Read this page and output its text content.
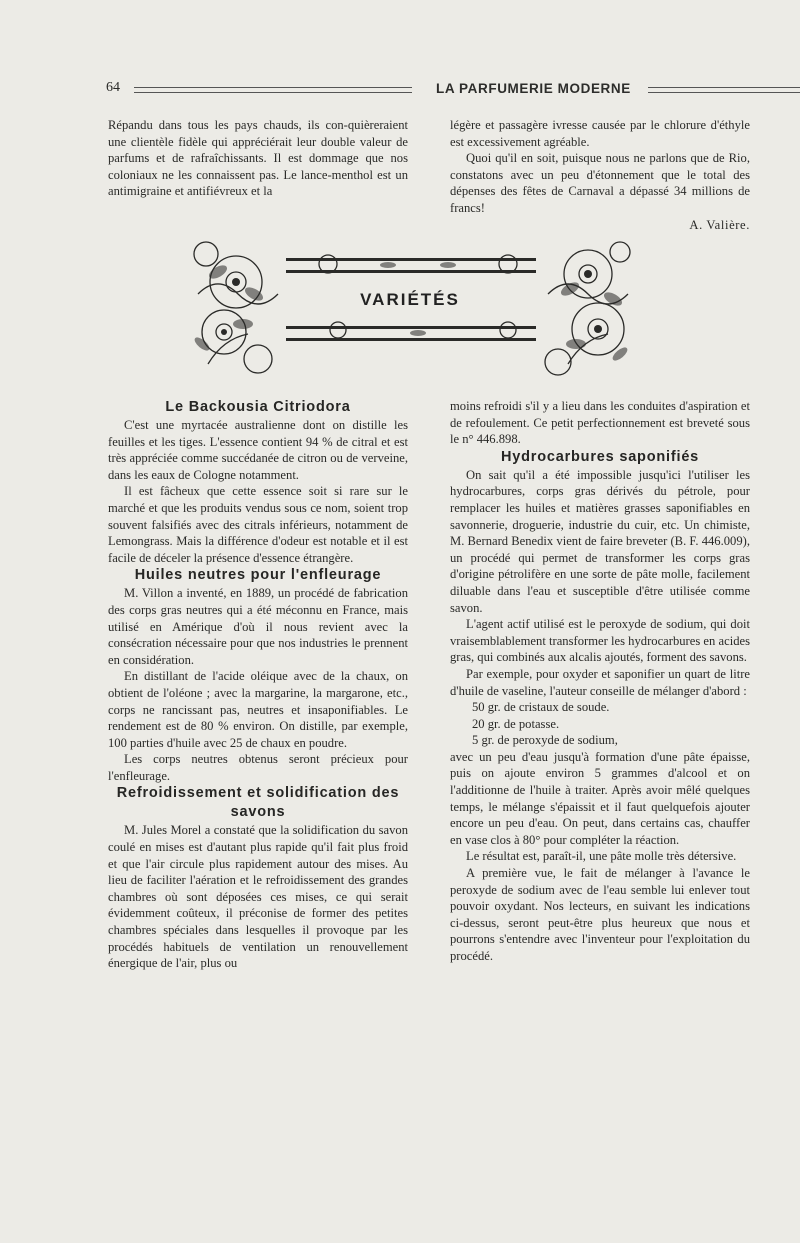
64	LA PARFUMERIE MODERNE

Répandu dans tous les pays chauds, ils con-quièreraient une clientèle fidèle qui appréciérait leur double valeur de parfums et de rafraîchissants. Il est dommage que nos coloniaux ne les connaissent pas. Le lance-menthol est un antimigraine et antifiévreux et la

légère et passagère ivresse causée par le chlorure d'éthyle est excessivement agréable.

Quoi qu'il en soit, puisque nous ne parlons que de Rio, constatons avec un peu d'étonnement que le total des dépenses des fêtes de Carnaval a dépassé 34 millions de francs!

A. Valière.

VARIÉTÉS

Le Backousia Citriodora

C'est une myrtacée australienne dont on distille les feuilles et les tiges. L'essence contient 94 % de citral et est très appréciée comme succédanée de citron ou de verveine, dans les eaux de Cologne notamment.

Il est fâcheux que cette essence soit si rare sur le marché et que les produits vendus sous ce nom, soient trop souvent falsifiés avec des citrals inférieurs, notamment de Lemongrass. Mais la différence d'odeur est notable et il est facile de déceler la présence d'essence étrangère.

Huiles neutres pour l'enfleurage

M. Villon a inventé, en 1889, un procédé de fabrication des corps gras neutres qui a été méconnu en France, mais utilisé en Amérique d'où il nous revient avec la consécration nécessaire pour que nos industries le prennent en considération.

En distillant de l'acide oléique avec de la chaux, on obtient de l'oléone ; avec la margarine, la margarone, etc., corps ne rancissant pas, neutres et insaponifiables. Le rendement est de 80 % environ. On distille, par exemple, 100 parties d'huile avec 25 de chaux en poudre.

Les corps neutres obtenus seront précieux pour l'enfleurage.

Refroidissement et solidification des savons

M. Jules Morel a constaté que la solidification du savon coulé en mises est d'autant plus rapide qu'il fait plus froid et que l'air circule plus rapidement autour des mises. Au lieu de faciliter l'aération et le refroidissement des grandes chambres où sont déposées ces mises, ce qui serait évidemment coûteux, il préconise de former des petites chambres spéciales dans lesquelles il provoque par les procédés habituels de ventilation un renouvellement énergique de l'air, plus ou

moins refroidi s'il y a lieu dans les conduites d'aspiration et de refoulement. Ce petit perfectionnement est breveté sous le n° 446.898.

Hydrocarbures saponifiés

On sait qu'il a été impossible jusqu'ici l'utiliser les hydrocarbures, corps gras dérivés du pétrole, pour remplacer les huiles et matières grasses saponifiables en savonnerie, droguerie, industrie du cuir, etc. Un chimiste, M. Bernard Benedix vient de faire breveter (B. F. 446.009), un procédé qui permet de transformer les corps gras d'origine pétrolifère en une sorte de pâte molle, facilement diluable dans l'eau et susceptible d'être utilisée comme savon.

L'agent actif utilisé est le peroxyde de sodium, qui doit vraisemblablement transformer les hydrocarbures en acides gras, qui combinés aux alcalis ajoutés, forment des savons.

Par exemple, pour oxyder et saponifier un quart de litre d'huile de vaseline, l'auteur conseille de mélanger d'abord :

50 gr. de cristaux de soude.

20 gr. de potasse.

5 gr. de peroxyde de sodium,

avec un peu d'eau jusqu'à formation d'une pâte épaisse, puis on ajoute environ 5 grammes d'alcool et on l'additionne de l'huile à traiter. Après avoir mêlé quelques temps, le mélange s'épaissit et il faut quelquefois ajouter encore un peu d'eau. On peut, dans certains cas, chauffer en vase clos à 80° pour compléter la réaction.

Le résultat est, paraît-il, une pâte molle très détersive.

A première vue, le fait de mélanger à l'avance le peroxyde de sodium avec de l'eau semble lui enlever tout pouvoir oxydant. Nos lecteurs, en suivant les indications ci-dessus, seront peut-être plus heureux que nous et pourrons s'entendre avec l'inventeur pour l'exploitation du procédé.
